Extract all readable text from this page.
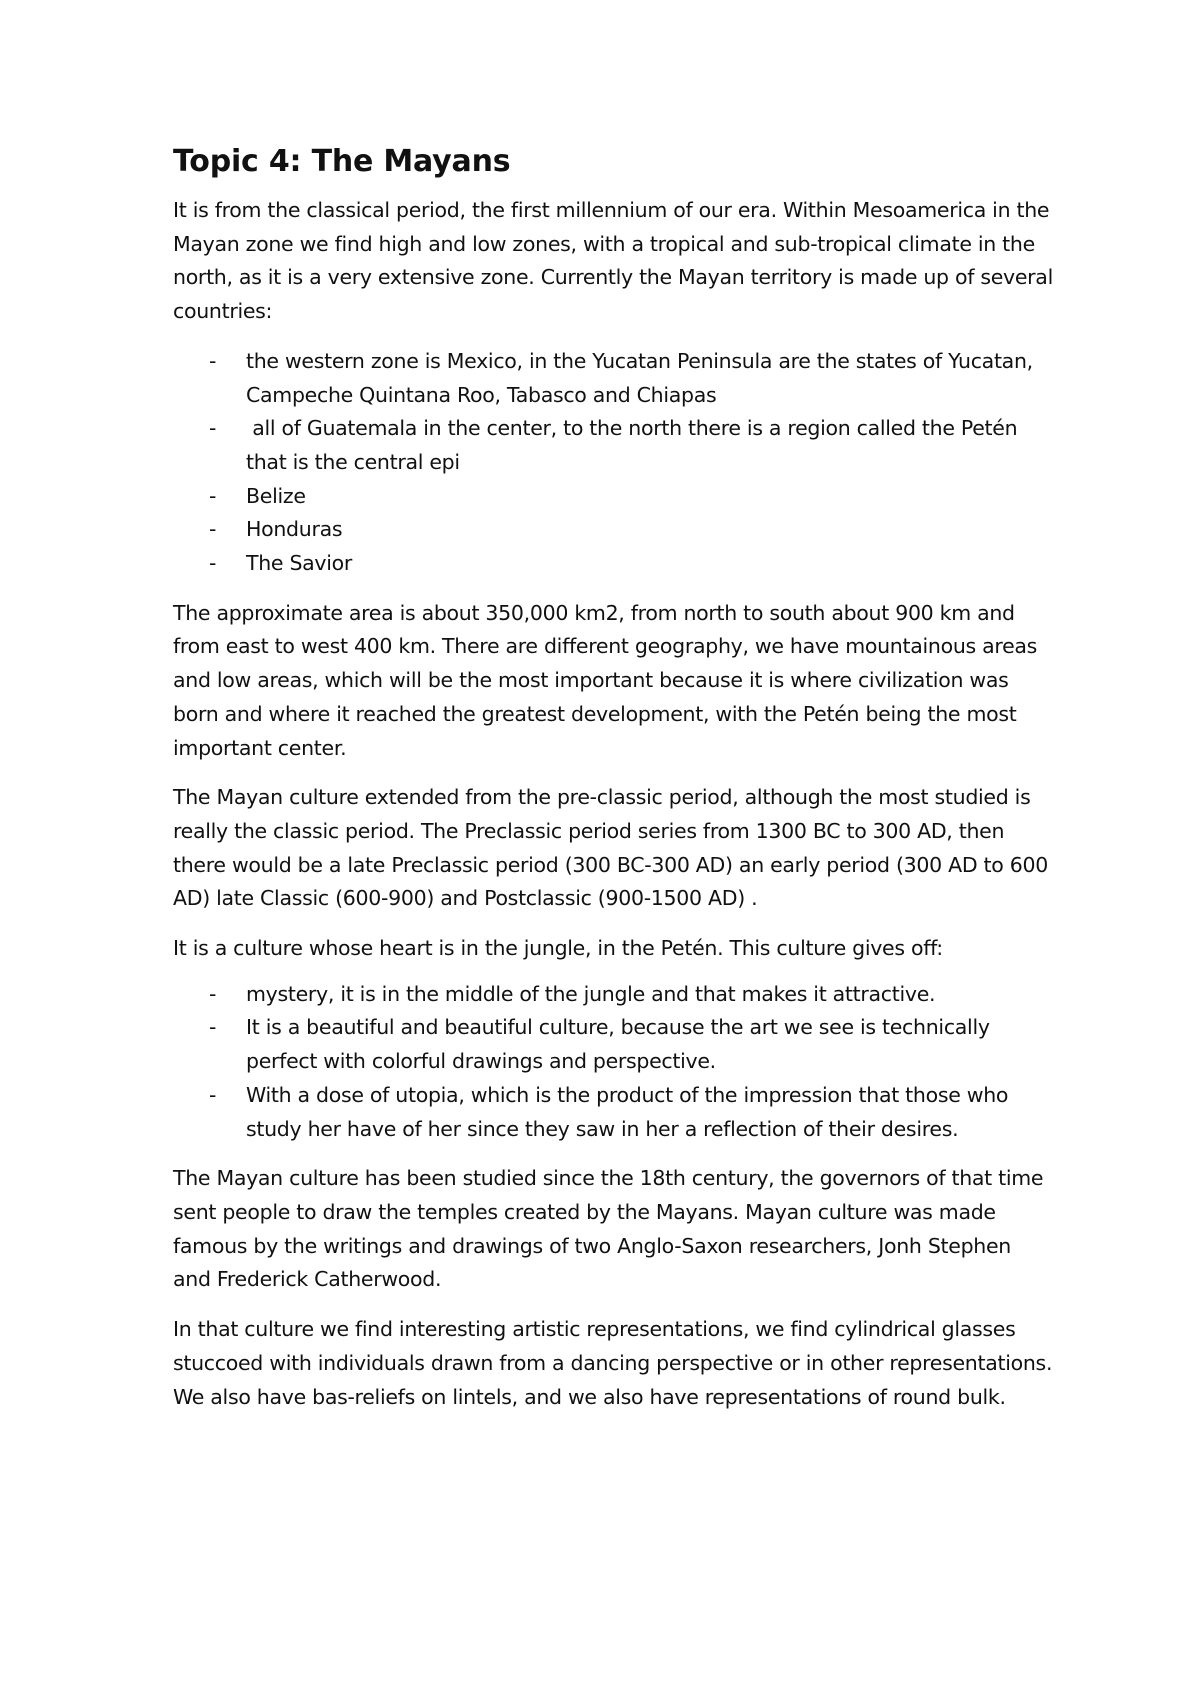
Topic 4: The Mayans

It is from the classical period, the first millennium of our era. Within Mesoamerica in the Mayan zone we find high and low zones, with a tropical and sub-tropical climate in the north, as it is a very extensive zone. Currently the Mayan territory is made up of several countries:

- the western zone is Mexico, in the Yucatan Peninsula are the states of Yucatan, Campeche Quintana Roo, Tabasco and Chiapas
- all of Guatemala in the center, to the north there is a region called the Petén that is the central epi
- Belize
- Honduras
- The Savior

The approximate area is about 350,000 km2, from north to south about 900 km and from east to west 400 km. There are different geography, we have mountainous areas and low areas, which will be the most important because it is where civilization was born and where it reached the greatest development, with the Petén being the most important center.

The Mayan culture extended from the pre-classic period, although the most studied is really the classic period. The Preclassic period series from 1300 BC to 300 AD, then there would be a late Preclassic period (300 BC-300 AD) an early period (300 AD to 600 AD) late Classic (600-900) and Postclassic (900-1500 AD) .

It is a culture whose heart is in the jungle, in the Petén. This culture gives off:

- mystery, it is in the middle of the jungle and that makes it attractive.
- It is a beautiful and beautiful culture, because the art we see is technically perfect with colorful drawings and perspective.
- With a dose of utopia, which is the product of the impression that those who study her have of her since they saw in her a reflection of their desires.

The Mayan culture has been studied since the 18th century, the governors of that time sent people to draw the temples created by the Mayans. Mayan culture was made famous by the writings and drawings of two Anglo-Saxon researchers, Jonh Stephen and Frederick Catherwood.

In that culture we find interesting artistic representations, we find cylindrical glasses stuccoed with individuals drawn from a dancing perspective or in other representations. We also have bas-reliefs on lintels, and we also have representations of round bulk.
